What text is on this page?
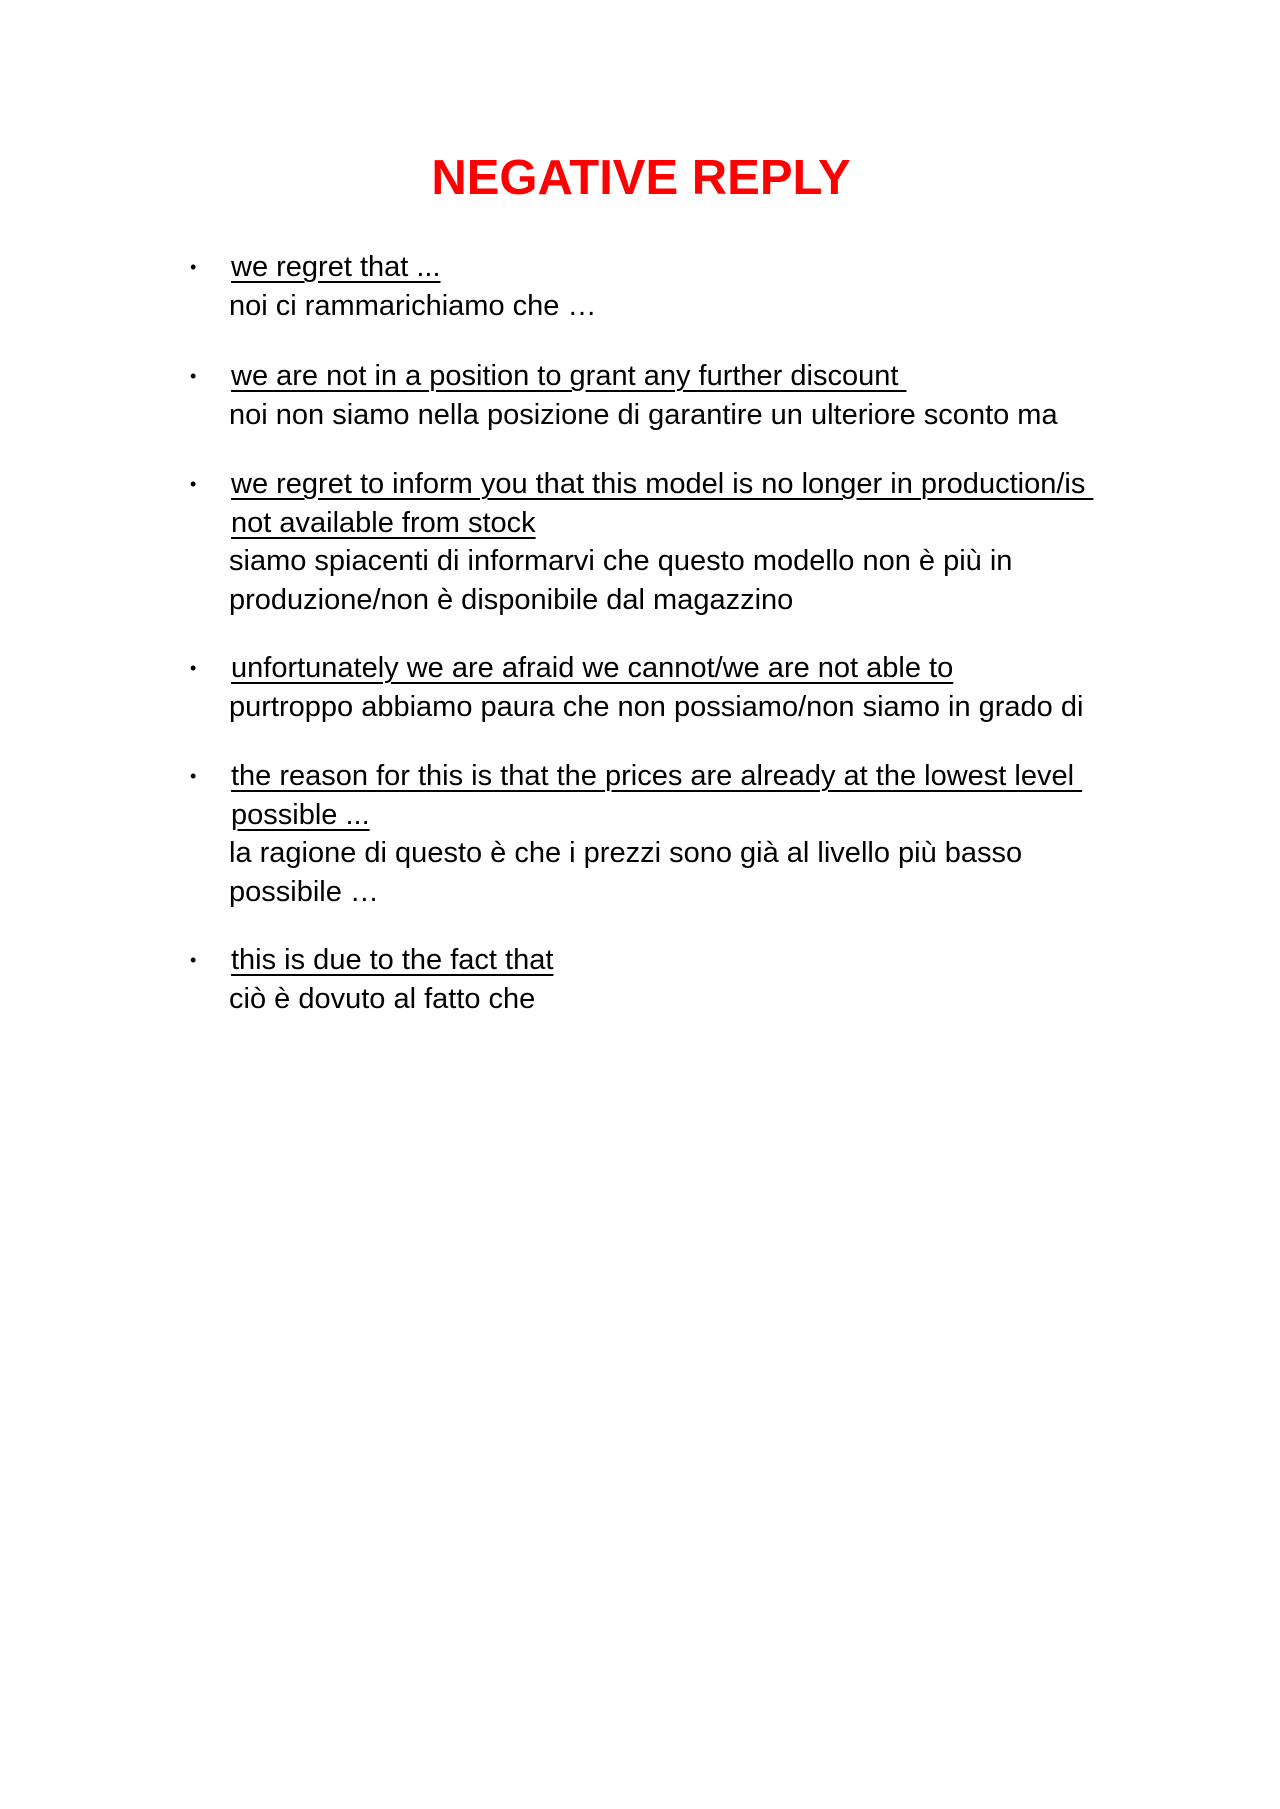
NEGATIVE REPLY
• we regret that ...
noi ci rammarichiamo che …
• we are not in a position to grant any further discount
noi non siamo nella posizione di garantire un ulteriore sconto ma
• we regret to inform you that this model is no longer in production/is
not available from stock
siamo spiacenti di informarvi che questo modello non è più in
produzione/non è disponibile dal magazzino
• unfortunately we are afraid we cannot/we are not able to
purtroppo abbiamo paura che non possiamo/non siamo in grado di
• the reason for this is that the prices are already at the lowest level
possible ...
la ragione di questo è che i prezzi sono già al livello più basso
possibile …
• this is due to the fact that
ciò è dovuto al fatto che
